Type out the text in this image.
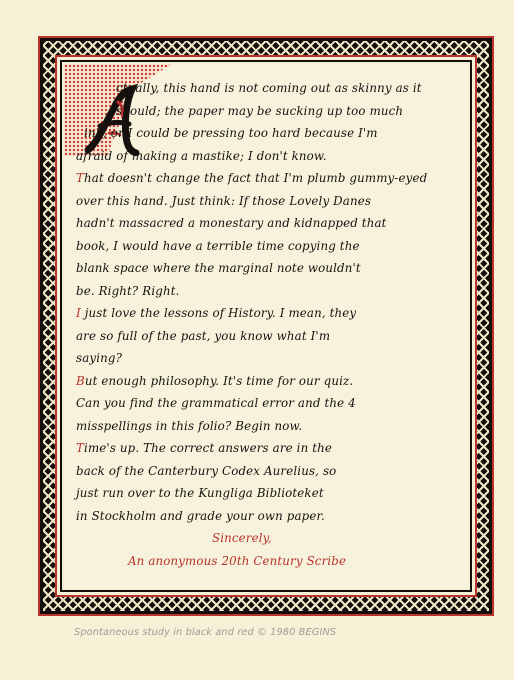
ctually, this hand is not coming out as skinny as it
should; the paper may be sucking up too much
ink, or I could be pressing too hard because I'm
afraid of making a mastike; I don't know.
That doesn't change the fact that I'm plumb gummy-eyed
over this hand. Just think: If those Lovely Danes
hadn't massacred a monestary and kidnapped that
book, I would have a terrible time copying the
blank space where the marginal note wouldn't
be. Right? Right.
I just love the lessons of History. I mean, they
are so full of the past, you know what I'm
saying?
But enough philosophy. It's time for our quiz.
Can you find the grammatical error and the 4
misspellings in this folio? Begin now.
Time's up. The correct answers are in the
back of the Canterbury Codex Aurelius, so
just run over to the Kungliga Biblioteket
in Stockholm and grade your own paper.
Sincerely,
An anonymous 20th Century Scribe
Spontaneous study in black and red © 1980 BEGINS
